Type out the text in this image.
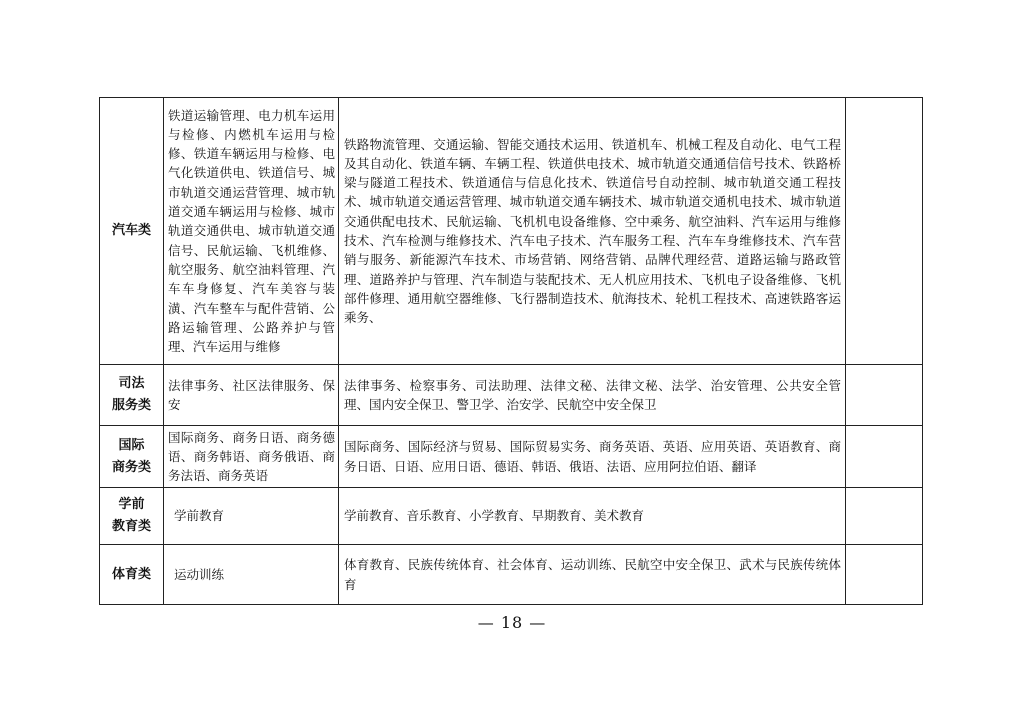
汽车类	铁道运输管理、电力机车运用与检修、内燃机车运用与检修、铁道车辆运用与检修、电气化铁道供电、铁道信号、城市轨道交通运营管理、城市轨道交通车辆运用与检修、城市轨道交通供电、城市轨道交通信号、民航运输、飞机维修、航空服务、航空油料管理、汽车车身修复、汽车美容与装潢、汽车整车与配件营销、公路运输管理、公路养护与管理、汽车运用与维修	铁路物流管理、交通运输、智能交通技术运用、铁道机车、机械工程及自动化、电气工程及其自动化、铁道车辆、车辆工程、铁道供电技术、城市轨道交通通信信号技术、铁路桥梁与隧道工程技术、铁道通信与信息化技术、铁道信号自动控制、城市轨道交通工程技术、城市轨道交通运营管理、城市轨道交通车辆技术、城市轨道交通机电技术、城市轨道交通供配电技术、民航运输、飞机机电设备维修、空中乘务、航空油料、汽车运用与维修技术、汽车检测与维修技术、汽车电子技术、汽车服务工程、汽车车身维修技术、汽车营销与服务、新能源汽车技术、市场营销、网络营销、品牌代理经营、道路运输与路政管理、道路养护与管理、汽车制造与装配技术、无人机应用技术、飞机电子设备维修、飞机部件修理、通用航空器维修、飞行器制造技术、航海技术、轮机工程技术、高速铁路客运乘务、	

司法
服务类	法律事务、社区法律服务、保安	法律事务、检察事务、司法助理、法律文秘、法律文秘、法学、治安管理、公共安全管理、国内安全保卫、警卫学、治安学、民航空中安全保卫	

国际
商务类	国际商务、商务日语、商务德语、商务韩语、商务俄语、商务法语、商务英语	国际商务、国际经济与贸易、国际贸易实务、商务英语、英语、应用英语、英语教育、商务日语、日语、应用日语、德语、韩语、俄语、法语、应用阿拉伯语、翻译	

学前
教育类	学前教育	学前教育、音乐教育、小学教育、早期教育、美术教育	
体育类	运动训练	体育教育、民族传统体育、社会体育、运动训练、民航空中安全保卫、武术与民族传统体育	
— 18 —
